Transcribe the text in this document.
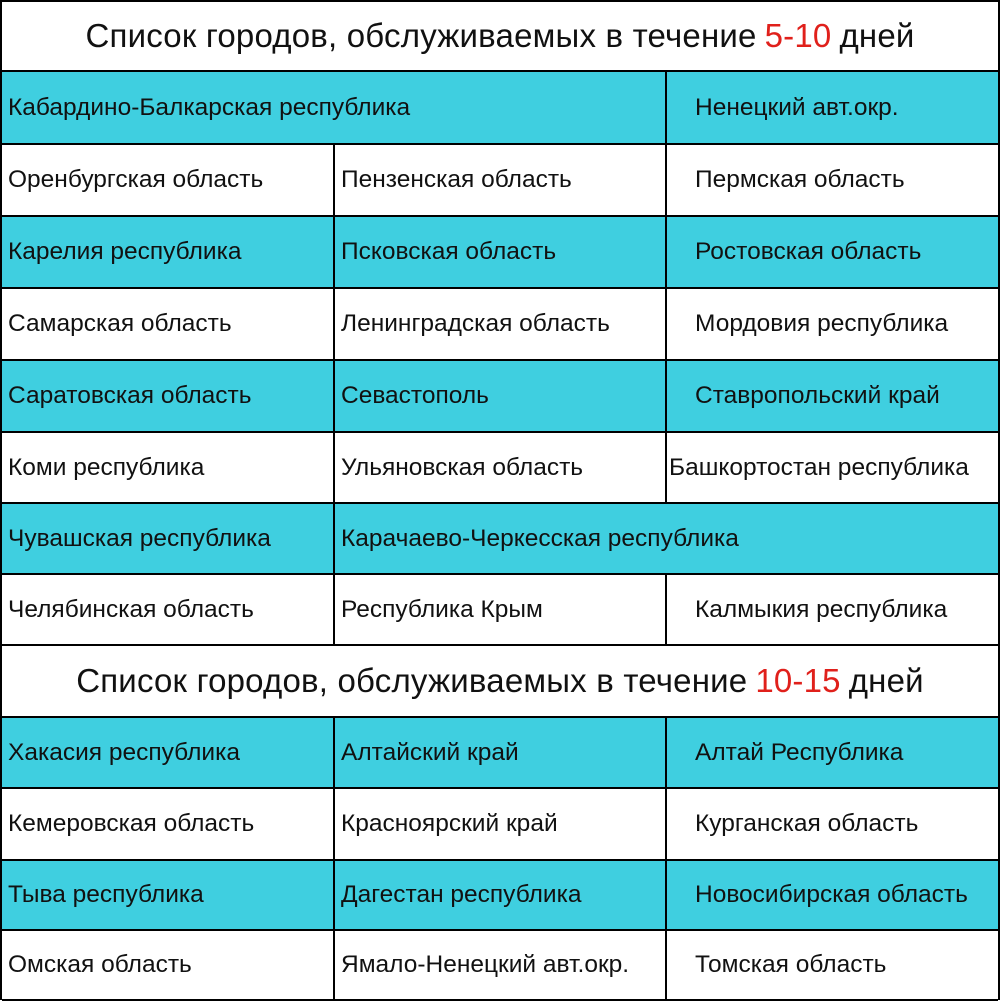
Список городов, обслуживаемых в течение 5-10 дней
Кабардино-Балкарская республика		Ненецкий авт.окр.
Оренбургская область	Пензенская область	Пермская область
Карелия республика	Псковская область	Ростовская область
Самарская область	Ленинградская область	Мордовия республика
Саратовская область	Севастополь	Ставропольский край
Коми республика	Ульяновская область	Башкортостан республика
Чувашская республика	Карачаево-Черкесская республика	
Челябинская область	Республика Крым	Калмыкия республика
Список городов, обслуживаемых в течение 10-15 дней
Хакасия республика	Алтайский край	Алтай Республика
Кемеровская область	Красноярский край	Курганская область
Тыва республика	Дагестан республика	Новосибирская область
Омская область	Ямало-Ненецкий авт.окр.	Томская область
